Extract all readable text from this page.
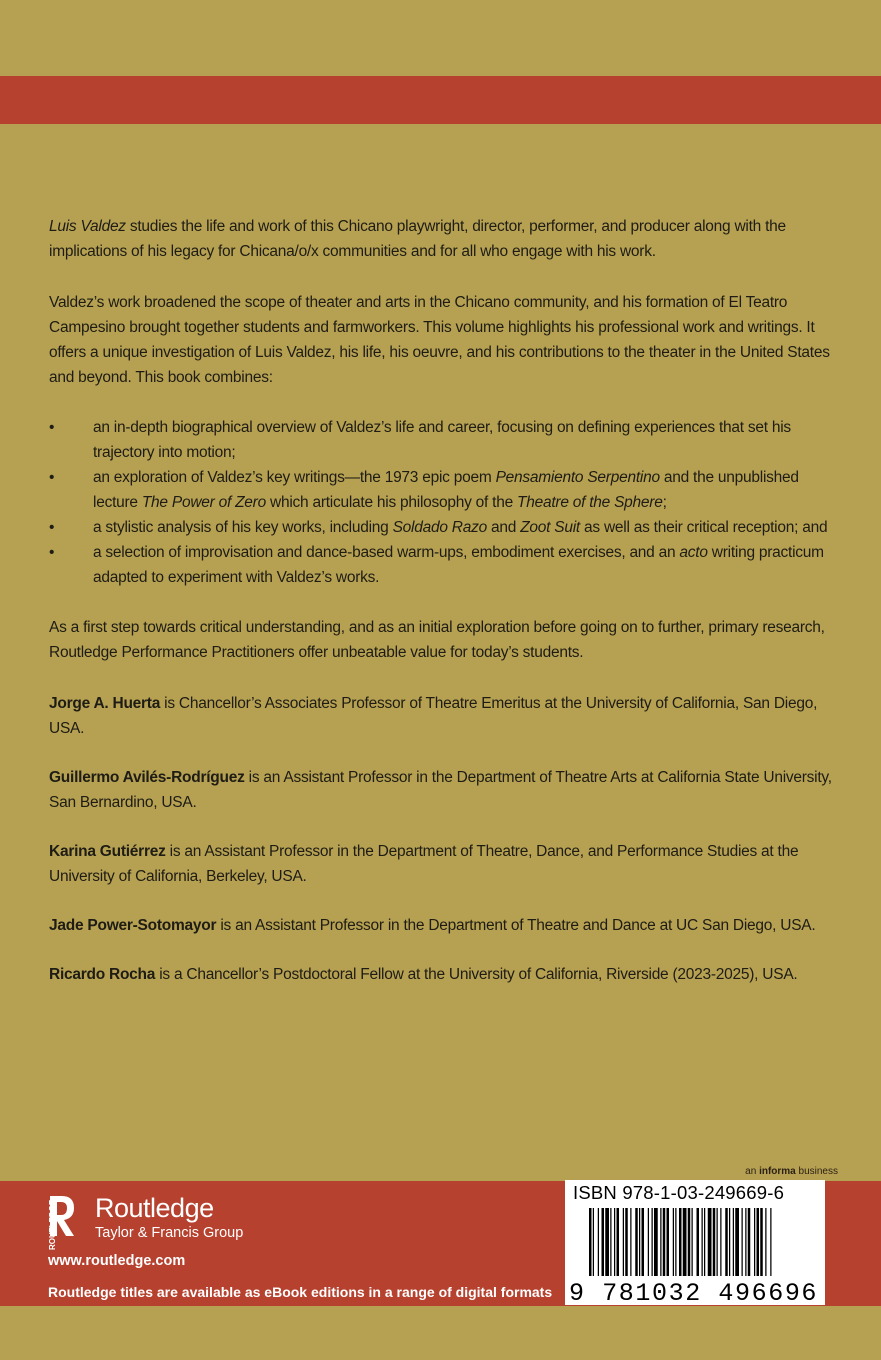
Luis Valdez studies the life and work of this Chicano playwright, director, performer, and producer along with the implications of his legacy for Chicana/o/x communities and for all who engage with his work.

Valdez’s work broadened the scope of theater and arts in the Chicano community, and his formation of El Teatro Campesino brought together students and farmworkers. This volume highlights his professional work and writings. It offers a unique investigation of Luis Valdez, his life, his oeuvre, and his contributions to the theater in the United States and beyond. This book combines:

•	an in-depth biographical overview of Valdez’s life and career, focusing on defining experiences that set his trajectory into motion;
•	an exploration of Valdez’s key writings—the 1973 epic poem Pensamiento Serpentino and the unpublished lecture The Power of Zero which articulate his philosophy of the Theatre of the Sphere;
•	a stylistic analysis of his key works, including Soldado Razo and Zoot Suit as well as their critical reception; and
•	a selection of improvisation and dance-based warm-ups, embodiment exercises, and an acto writing practicum adapted to experiment with Valdez’s works.

As a first step towards critical understanding, and as an initial exploration before going on to further, primary research, Routledge Performance Practitioners offer unbeatable value for today’s students.

Jorge A. Huerta is Chancellor’s Associates Professor of Theatre Emeritus at the University of California, San Diego, USA.

Guillermo Avilés-Rodríguez is an Assistant Professor in the Department of Theatre Arts at California State University, San Bernardino, USA.

Karina Gutiérrez is an Assistant Professor in the Department of Theatre, Dance, and Performance Studies at the University of California, Berkeley, USA.

Jade Power-Sotomayor is an Assistant Professor in the Department of Theatre and Dance at UC San Diego, USA.

Ricardo Rocha is a Chancellor’s Postdoctoral Fellow at the University of California, Riverside (2023-2025), USA.

an informa business
ROUTLEDGE Routledge
Taylor & Francis Group
www.routledge.com
Routledge titles are available as eBook editions in a range of digital formats
ISBN 978-1-03-249669-6
9 781032 496696
